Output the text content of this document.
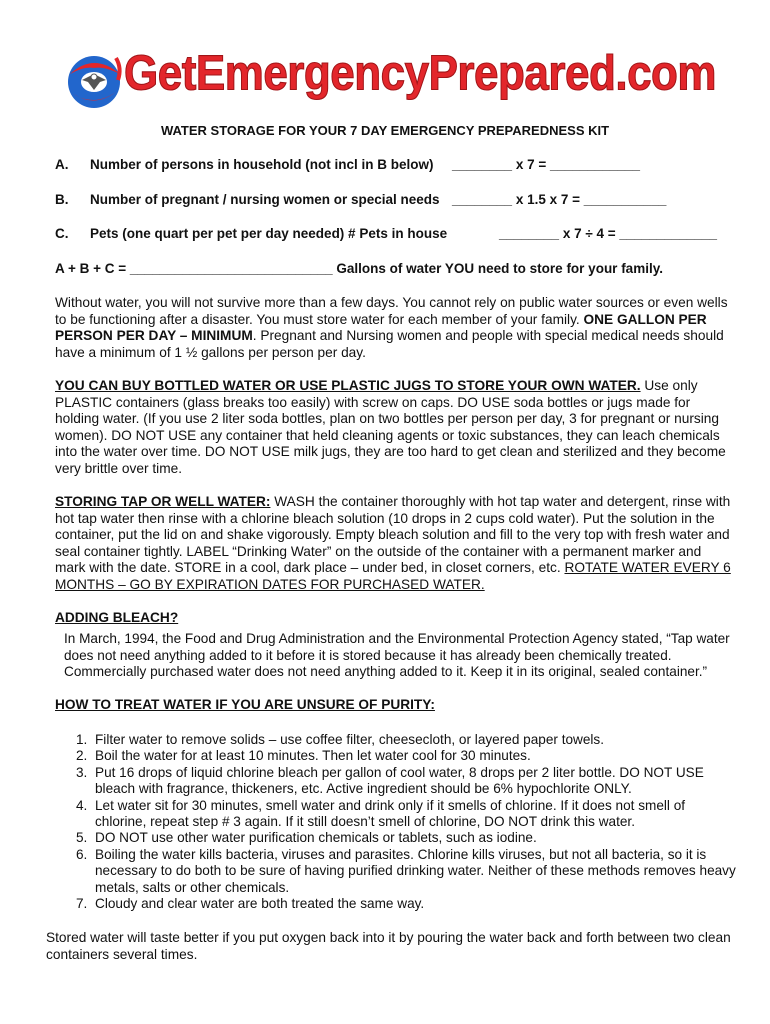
GetEmergencyPrepared.com
WATER STORAGE FOR YOUR 7 DAY EMERGENCY PREPAREDNESS KIT
A. Number of persons in household (not incl in B below) ________ x 7 = ____________
B. Number of pregnant / nursing women or special needs ________ x 1.5 x 7 = ___________
C. Pets (one quart per pet per day needed) # Pets in house	________ x 7 ÷ 4 = _____________
A + B + C = ___________________________ Gallons of water YOU need to store for your family.
Without water, you will not survive more than a few days. You cannot rely on public water sources or even wells to be functioning after a disaster. You must store water for each member of your family. ONE GALLON PER PERSON PER DAY – MINIMUM. Pregnant and Nursing women and people with special medical needs should have a minimum of 1 ½ gallons per person per day.
YOU CAN BUY BOTTLED WATER OR USE PLASTIC JUGS TO STORE YOUR OWN WATER. Use only PLASTIC containers (glass breaks too easily) with screw on caps. DO USE soda bottles or jugs made for holding water. (If you use 2 liter soda bottles, plan on two bottles per person per day, 3 for pregnant or nursing women). DO NOT USE any container that held cleaning agents or toxic substances, they can leach chemicals into the water over time. DO NOT USE milk jugs, they are too hard to get clean and sterilized and they become very brittle over time.
STORING TAP OR WELL WATER: WASH the container thoroughly with hot tap water and detergent, rinse with hot tap water then rinse with a chlorine bleach solution (10 drops in 2 cups cold water). Put the solution in the container, put the lid on and shake vigorously. Empty bleach solution and fill to the very top with fresh water and seal container tightly. LABEL “Drinking Water” on the outside of the container with a permanent marker and mark with the date. STORE in a cool, dark place – under bed, in closet corners, etc. ROTATE WATER EVERY 6 MONTHS – GO BY EXPIRATION DATES FOR PURCHASED WATER.
ADDING BLEACH?
In March, 1994, the Food and Drug Administration and the Environmental Protection Agency stated, “Tap water does not need anything added to it before it is stored because it has already been chemically treated. Commercially purchased water does not need anything added to it. Keep it in its original, sealed container.”
HOW TO TREAT WATER IF YOU ARE UNSURE OF PURITY:
1. Filter water to remove solids – use coffee filter, cheesecloth, or layered paper towels.
2. Boil the water for at least 10 minutes. Then let water cool for 30 minutes.
3. Put 16 drops of liquid chlorine bleach per gallon of cool water, 8 drops per 2 liter bottle. DO NOT USE bleach with fragrance, thickeners, etc. Active ingredient should be 6% hypochlorite ONLY.
4. Let water sit for 30 minutes, smell water and drink only if it smells of chlorine. If it does not smell of chlorine, repeat step # 3 again. If it still doesn’t smell of chlorine, DO NOT drink this water.
5. DO NOT use other water purification chemicals or tablets, such as iodine.
6. Boiling the water kills bacteria, viruses and parasites. Chlorine kills viruses, but not all bacteria, so it is necessary to do both to be sure of having purified drinking water. Neither of these methods removes heavy metals, salts or other chemicals.
7. Cloudy and clear water are both treated the same way.
Stored water will taste better if you put oxygen back into it by pouring the water back and forth between two clean containers several times.
